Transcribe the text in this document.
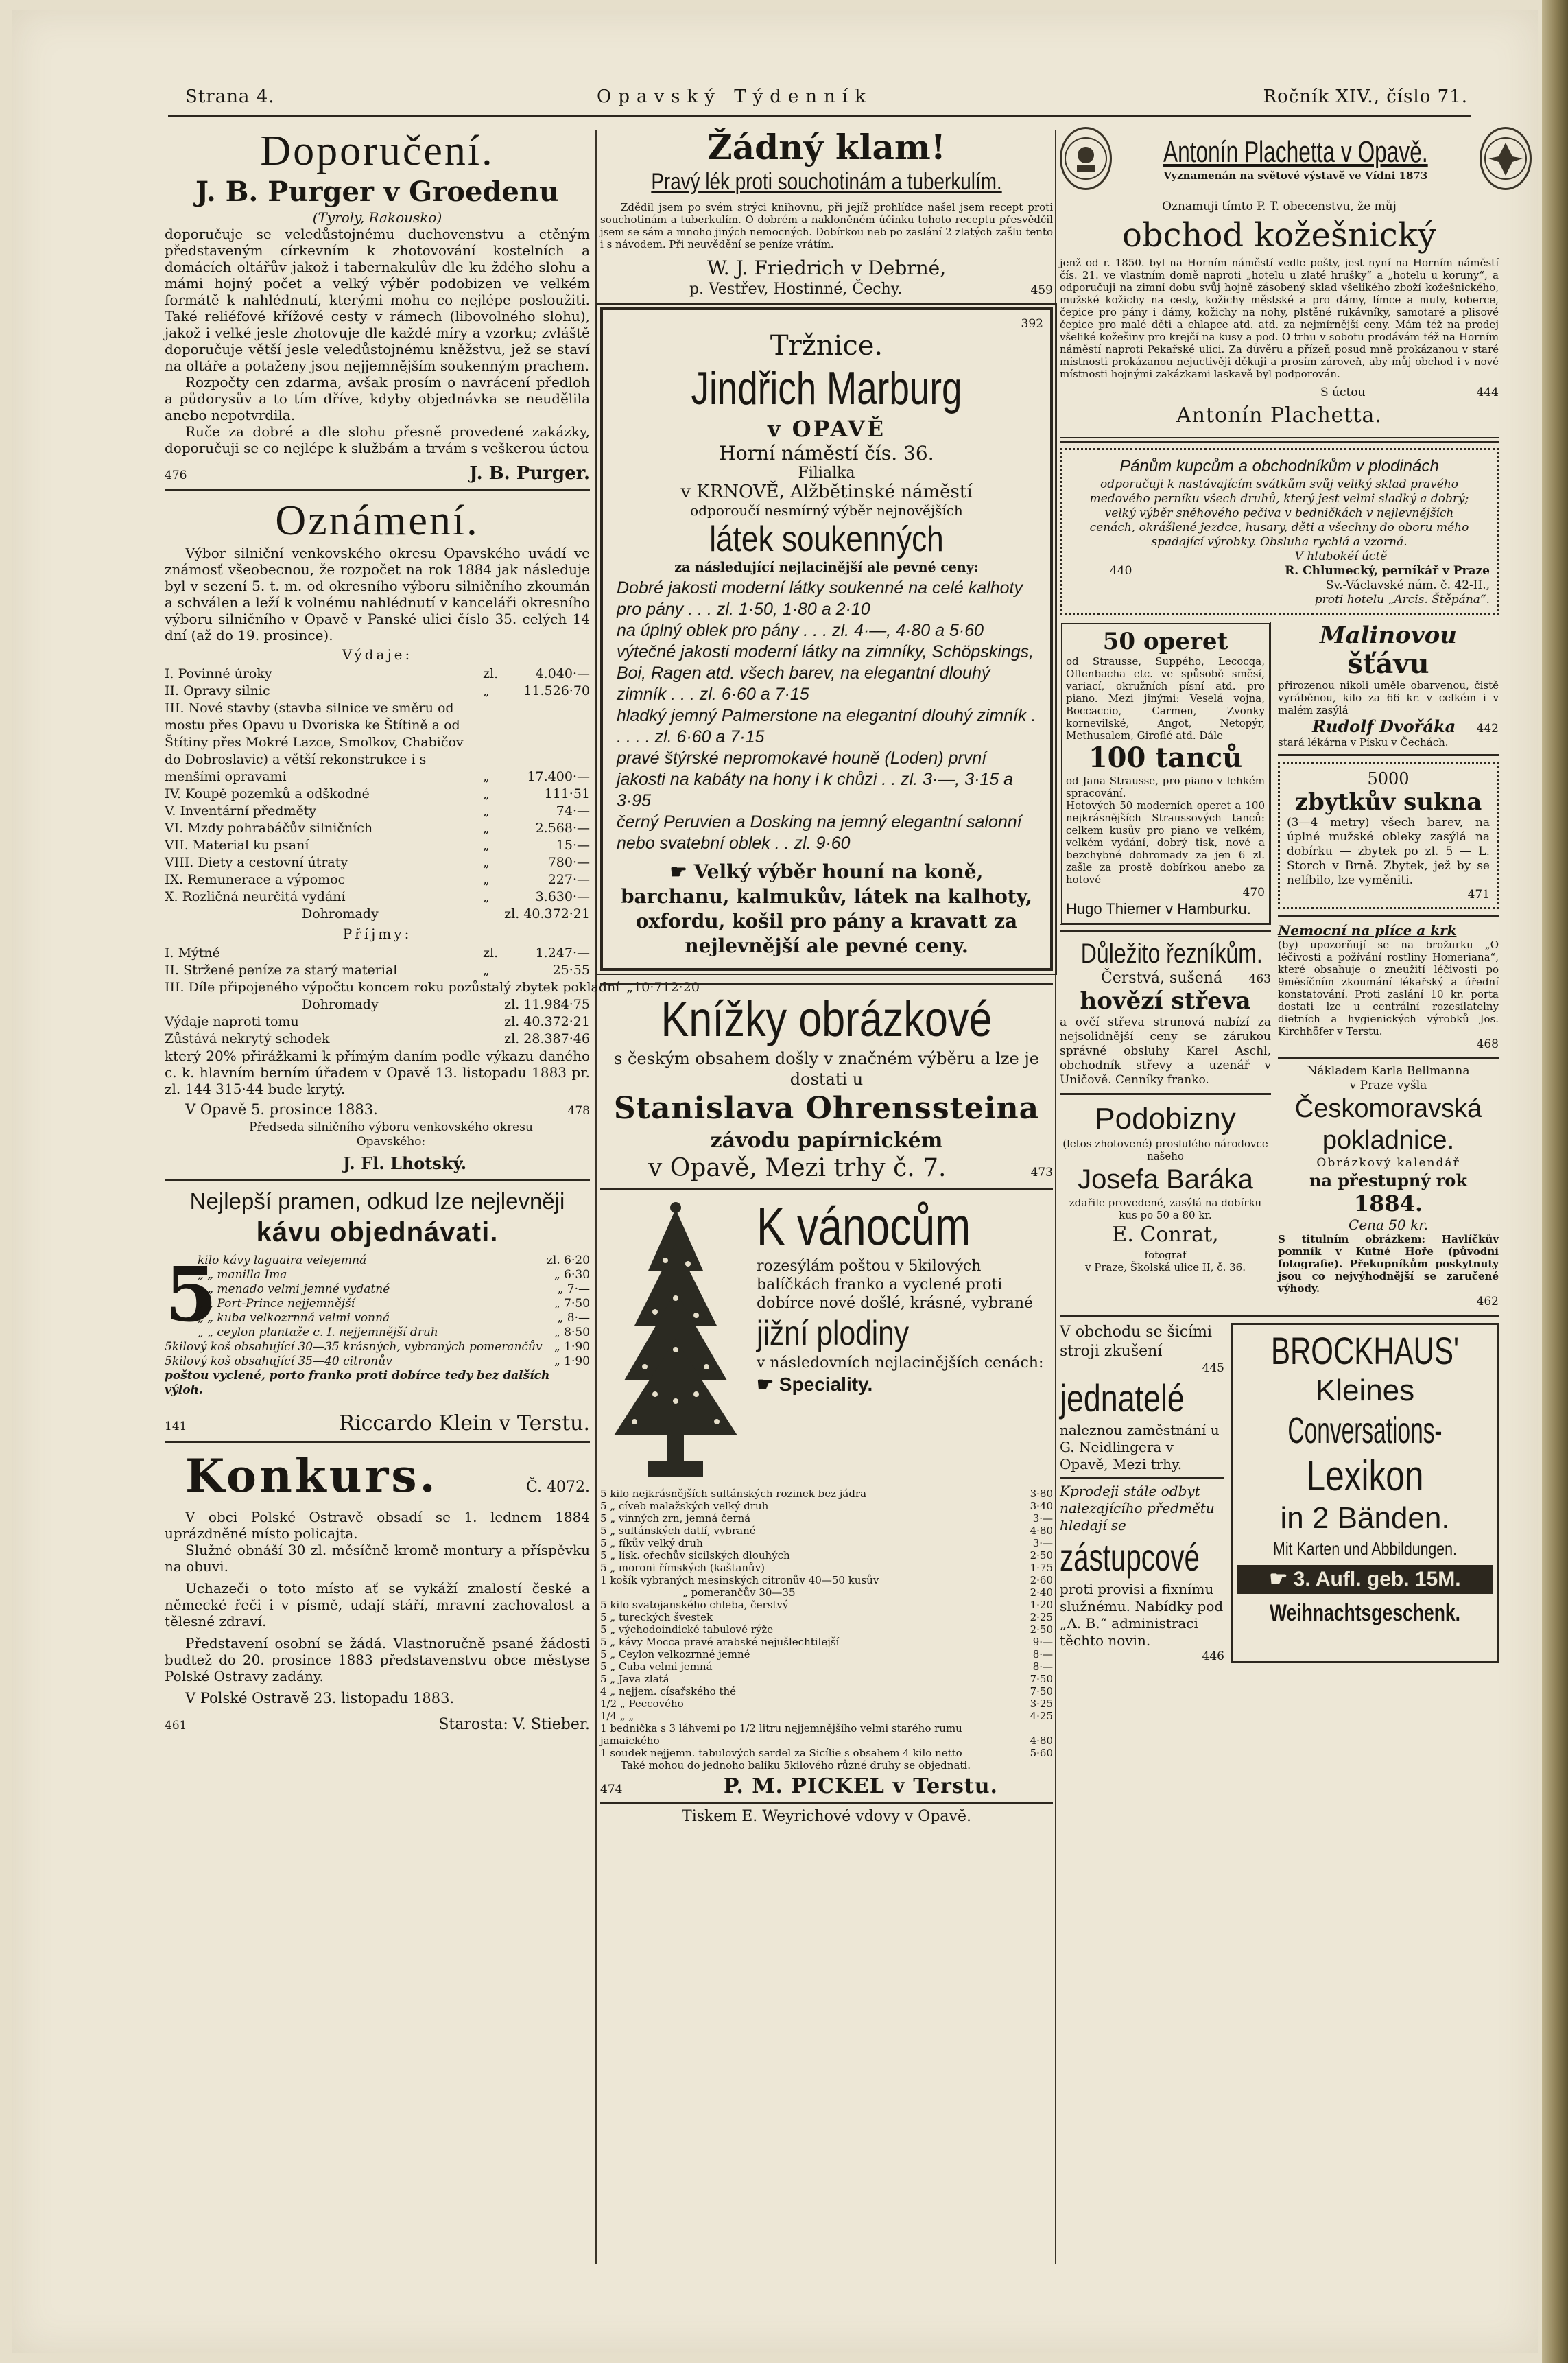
Strana 4.	Opavský Týdenník	Ročník XIV., číslo 71.

Doporučení.

J. B. Purger v Groedenu

(Tyroly, Rakousko)

doporučuje se veledůstojnému duchovenstvu a ctěným představeným církevním k zhotovování kostelních a domácích oltářův jakož i tabernakulův dle ku ždého slohu a mámi hojný počet a velký výběr podobizen ve velkém formátě k nahlédnutí, kterými mohu co nejlépe posloužiti. Také reliéfové křížové cesty v rámech (libovolného slohu), jakož i velké jesle zhotovuje dle každé míry a vzorku; zvláště doporučuje větší jesle veledůstojnému kněžstvu, jež se staví na oltáře a potaženy jsou nejjemnějším soukenným prachem.

Rozpočty cen zdarma, avšak prosím o navrácení předloh a půdorysův a to tím dříve, kdyby objednávka se neudělila anebo nepotvrdila.

Ruče za dobré a dle slohu přesně provedené zakázky, doporučuji se co nejlépe k službám a trvám s veškerou úctou

476	J. B. Purger.

Oznámení.

Výbor silniční venkovského okresu Opavského uvádí ve známosť všeobecnou, že rozpočet na rok 1884 jak následuje byl v sezení 5. t. m. od okresního výboru silničního zkoumán a schválen a leží k volnému nahlédnutí v kanceláři okresního výboru silničního v Opavě v Panské ulici číslo 35. celých 14 dní (až do 19. prosince).

Výdaje:

I. Povinné úroky	zl.	4.040·—
II. Opravy silnic	„	11.526·70
III. Nové stavby (stavba silnice ve směru od mostu přes Opavu u Dvoriska ke Štítině a od Štítiny přes Mokré Lazce, Smolkov, Chabičov do Dobroslavic) a větší rekonstrukce i s menšími opravami	„	17.400·—
IV. Koupě pozemků a odškodné	„	111·51
V. Inventární předměty	„	74·—
VI. Mzdy pohrabáčův silničních	„	2.568·—
VII. Material ku psaní	„	15·—
VIII. Diety a cestovní útraty	„	780·—
IX. Remunerace a výpomoc	„	227·—
X. Rozličná neurčitá vydání	„	3.630·—
Dohromady	zl. 40.372·21

Příjmy:

I. Mýtné	zl.	1.247·—
II. Stržené peníze za starý material	„	25·55
III. Díle připojeného výpočtu koncem roku pozůstalý zbytek pokladní „ 10·712·20
Dohromady	zl. 11.984·75
Výdaje naproti tomu	zl. 40.372·21
Zůstává nekrytý schodek	zl. 28.387·46

který 20% přirážkami k přímým daním podle výkazu daného c. k. hlavním berním úřadem v Opavě 13. listopadu 1883 pr. zl. 144 315·44 bude krytý.

V Opavě 5. prosince 1883.	478

Předseda silničního výboru venkovského okresu Opavského:

J. Fl. Lhotský.

Nejlepší pramen, odkud lze nejlevněji

kávu objednávati.

5
kilo kávy laguaira velejemná	zl. 6·20
„ „ manilla Ima	„ 6·30
„ „ menado velmi jemné vydatné	„ 7·—
„ „ Port-Prince nejjemnější	„ 7·50
„ „ kuba velkozrnná velmi vonná	„ 8·—
„ „ ceylon plantaže c. I. nejjemnější druh	„ 8·50
5kilový koš obsahující 30—35 krásných, vybraných pomerančův	„ 1·90
5kilový koš obsahující 35—40 citronův	„ 1·90

poštou vyclené, porto franko proti dobírce tedy bez dalších výloh.

141	Riccardo Klein v Terstu.
Konkurs.	Č. 4072.

V obci Polské Ostravě obsadí se 1. lednem 1884 uprázdněné místo policajta.

Služné obnáší 30 zl. měsíčně kromě montury a příspěvku na obuvi.

Uchazeči o toto místo ať se vykáží znalostí české a německé řeči i v písmě, udají stáří, mravní zachovalost a tělesné zdraví.

Představení osobní se žádá. Vlastnoručně psané žádosti budtež do 20. prosince 1883 představenstvu obce městyse Polské Ostravy zadány.

V Polské Ostravě 23. listopadu 1883.

461	Starosta: V. Stieber.

Žádný klam!

Pravý lék proti souchotinám a tuberkulím.

Zdědil jsem po svém strýci knihovnu, při jejíž prohlídce našel jsem recept proti souchotinám a tuberkulím. O dobrém a nakloněném účinku tohoto receptu přesvědčil jsem se sám a mnoho jiných nemocných. Dobírkou neb po zaslání 2 zlatých zašlu tento i s návodem. Při neuvědění se peníze vrátím.

W. J. Friedrich v Debrné,

p. Vestřev, Hostinné, Čechy.	459
392

Tržnice.

Jindřich Marburg

v OPAVĚ

Horní náměstí čís. 36.

Filialka

v KRNOVĚ, Alžbětinské náměstí

odporoučí nesmírný výběr nejnovějších

látek soukenných

za následující nejlacinější ale pevné ceny:

Dobré jakosti moderní látky soukenné na celé kalhoty pro pány . . . zl. 1·50, 1·80 a 2·10
na úplný oblek pro pány . . . zl. 4·—, 4·80 a 5·60
výtečné jakosti moderní látky na zimníky, Schöpskings, Boi, Ragen atd. všech barev, na elegantní dlouhý zimník . . . zl. 6·60 a 7·15
hladký jemný Palmerstone na elegantní dlouhý zimník . . . . . zl. 6·60 a 7·15
pravé štýrské nepromokavé houně (Loden) první jakosti na kabáty na hony i k chůzi . . zl. 3·—, 3·15 a 3·95
černý Peruvien a Dosking na jemný elegantní salonní nebo svatební oblek . . zl. 9·60

☛ Velký výběr houní na koně, barchanu, kalmukův, látek na kalhoty, oxfordu, košil pro pány a kravatt za nejlevnější ale pevné ceny.

Knížky obrázkové

s českým obsahem došly v značném výběru a lze je dostati u

Stanislava Ohrenssteina

závodu papírnickém

v Opavě, Mezi trhy č. 7.	473

K vánocům

rozesýlám poštou v 5kilových balíčkách franko a vyclené proti dobírce nové došlé, krásné, vybrané

jižní plodiny

v následovních nejlacinějších cenách:

☛ Speciality.

5 kilo nejkrásnějších sultánských rozinek bez jádra	3·80
5 „ cíveb malažských velký druh	3·40
5 „ vinných zrn, jemná černá	3·—
5 „ sultánských datlí, vybrané	4·80
5 „ fíkův velký druh	3·—
5 „ lísk. ořechův sicilských dlouhých	2·50
5 „ moroni římských (kaštanův)	1·75
1 košík vybraných mesinských citronův 40—50 kusův	2·60
„ pomerančův 30—35	2·40
5 kilo svatojanského chleba, čerstvý	1·20
5 „ tureckých švestek	2·25
5 „ východoindické tabulové rýže	2·50
5 „ kávy Mocca pravé arabské nejušlechtilejší	9·—
5 „ Ceylon velkozrnné jemné	8·—
5 „ Cuba velmi jemná	8·—
5 „ Java zlatá	7·50
4 „ nejjem. císařského thé	7·50
1/2 „ Peccového	3·25
1/4 „ „	4·25
1 bednička s 3 láhvemi po 1/2 litru nejjemnějšího velmi starého rumu jamaického	4·80
1 soudek nejjemn. tabulových sardel za Sicílie s obsahem 4 kilo netto	5·60

Také mohou do jednoho balíku 5kilového různé druhy se objednati.

474	P. M. PICKEL v Terstu.

Tiskem E. Weyrichové vdovy v Opavě.

Antonín Plachetta v Opavě.

Vyznamenán na světové výstavě ve Vídni 1873

Oznamuji tímto P. T. obecenstvu, že můj

obchod kožešnický

jenž od r. 1850. byl na Horním náměstí vedle pošty, jest nyní na Horním náměstí čís. 21. ve vlastním domě naproti „hotelu u zlaté hrušky“ a „hotelu u koruny“, a odporučuji na zimní dobu svůj hojně zásobený sklad všelikého zboží kožešnického, mužské kožichy na cesty, kožichy městské a pro dámy, límce a mufy, koberce, čepice pro pány i dámy, kožichy na nohy, plstěné rukávníky, samotaré a plisové čepice pro malé děti a chlapce atd. atd. za nejmírnější ceny. Mám též na prodej všeliké kožešiny pro krejčí na kusy a pod. O trhu v sobotu prodávám též na Horním náměstí naproti Pekařské ulici. Za důvěru a přízeň posud mně prokázanou v staré místnosti prokázanou nejuctivěji děkuji a prosím zároveň, aby můj obchod i v nové místnosti hojnými zakázkami laskavě byl podporován.

S úctou	444

Antonín Plachetta.

Pánům kupcům a obchodníkům v plodinách

odporučuji k nastávajícím svátkům svůj veliký sklad pravého medového perníku všech druhů, který jest velmi sladký a dobrý; velký výběr sněhového pečiva v bedničkách v nejlevnějších cenách, okrášlené jezdce, husary, děti a všechny do oboru mého spadající výrobky. Obsluha rychlá a vzorná.

V hlubokéí úctě

440	R. Chlumecký, perníkář v Praze

Sv.-Václavské nám. č. 42-II.,

proti hotelu „Arcis. Štěpána“.

50 operet

od Strausse, Suppého, Lecocqa, Offenbacha etc. ve spůsobě směsí, variací, okružních písní atd. pro piano. Mezi jinými: Veselá vojna, Boccaccio, Carmen, Zvonky kornevilské, Angot, Netopýr, Methusalem, Giroflé atd. Dále

100 tanců

od Jana Strausse, pro piano v lehkém spracování.

Hotových 50 moderních operet a 100 nejkrásnějších Straussových tanců: celkem kusův pro piano ve velkém, velkém vydání, dobrý tisk, nové a bezchybné dohromady za jen 6 zl. zašle za prostě dobírkou anebo za hotové

470

Hugo Thiemer v Hamburku.

Důležito řezníkům.

Čerstvá, sušená 463

hovězí střeva

a ovčí střeva strunová nabízí za nejsolidnější ceny se zárukou správné obsluhy Karel Aschl, obchodník střevy a uzenář v Uničově. Cenníky franko.

Podobizny

(letos zhotovené) proslulého národovce našeho

Josefa Baráka

zdařile provedené, zasýlá na dobírku kus po 50 a 80 kr.

E. Conrat,

fotograf

v Praze, Školská ulice II, č. 36.

Malinovou

šťávu

přirozenou nikoli uměle obarvenou, čistě vyráběnou, kilo za 66 kr. v celkém i v malém zasýlá

Rudolf Dvořáka 442

stará lékárna v Písku v Čechách.

5000

zbytkův sukna

(3—4 metry) všech barev, na úplné mužské obleky zasýlá na dobírku — zbytek po zl. 5 — L. Storch v Brně. Zbytek, jež by se nelíbilo, lze vyměniti.

471

Nemocní na plíce a krk

(by) upozorňují se na brožurku „O léčivosti a požívání rostliny Homeriana“, které obsahuje o zneužití léčivosti po 9měsíčním zkoumání lékařský a úřední konstatování. Proti zaslání 10 kr. porta dostati lze u centrální rozesílatelny dietních a hygienických výrobků Jos. Kirchhöfer v Terstu.

468

Nákladem Karla Bellmanna

v Praze vyšla

Českomoravská

pokladnice.

Obrázkový kalendář

na přestupný rok

1884.

Cena 50 kr.

S titulním obrázkem: Havlíčkův pomník v Kutné Hoře (původní fotografie). Překupníkům poskytnuty jsou co nejvýhodnější se zaručené výhody.

462

V obchodu se šicími stroji zkušení

445

jednatelé

naleznou zaměstnání u G. Neidlingera v Opavě, Mezi trhy.

Kprodeji stále odbyt nalezajícího předmětu hledají se

zástupcové

proti provisi a fixnímu služnému. Nabídky pod „A. B.“ administraci těchto novin.

446

BROCKHAUS'

Kleines

Conversations-

Lexikon

in 2 Bänden.

Mit Karten und Abbildungen.

☛ 3. Aufl. geb. 15M.

Weihnachtsgeschenk.
